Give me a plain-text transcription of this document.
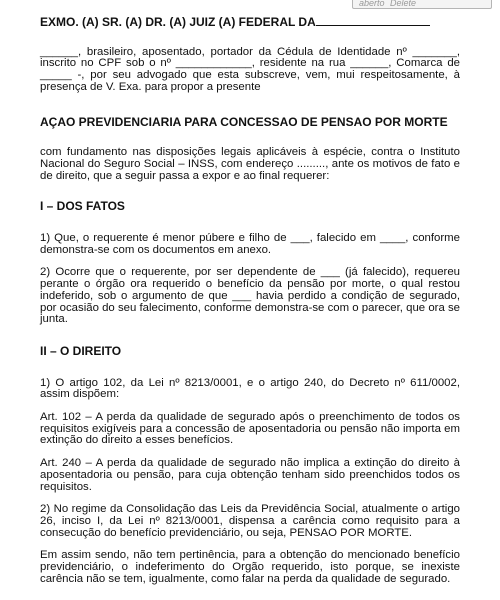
aberto Delete

EXMO. (A) SR. (A) DR. (A) JUIZ (A) FEDERAL DA

______, brasileiro, aposentado, portador da Cédula de Identidade nº _______, inscrito no CPF sob o nº ____________, residente na rua ______, Comarca de _____ -, por seu advogado que esta subscreve, vem, mui respeitosamente, à presença de V. Exa. para propor a presente

AÇAO PREVIDENCIARIA PARA CONCESSAO DE PENSAO POR MORTE

com fundamento nas disposições legais aplicáveis à espécie, contra o Instituto Nacional do Seguro Social – INSS, com endereço ........., ante os motivos de fato e de direito, que a seguir passa a expor e ao final requerer:

I – DOS FATOS

1) Que, o requerente é menor púbere e filho de ___, falecido em ____, conforme demonstra-se com os documentos em anexo.

2) Ocorre que o requerente, por ser dependente de ___ (já falecido), requereu perante o órgão ora requerido o benefício da pensão por morte, o qual restou indeferido, sob o argumento de que ___ havia perdido a condição de segurado, por ocasião do seu falecimento, conforme demonstra-se com o parecer, que ora se junta.

II – O DIREITO

1) O artigo 102, da Lei nº 8213/0001, e o artigo 240, do Decreto nº 611/0002, assim dispõem:

Art. 102 – A perda da qualidade de segurado após o preenchimento de todos os requisitos exigíveis para a concessão de aposentadoria ou pensão não importa em extinção do direito a esses benefícios.

Art. 240 – A perda da qualidade de segurado não implica a extinção do direito à aposentadoria ou pensão, para cuja obtenção tenham sido preenchidos todos os requisitos.

2) No regime da Consolidação das Leis da Previdência Social, atualmente o artigo 26, inciso I, da Lei nº 8213/0001, dispensa a carência como requisito para a consecução do benefício previdenciário, ou seja, PENSAO POR MORTE.

Em assim sendo, não tem pertinência, para a obtenção do mencionado benefício previdenciário, o indeferimento do Orgão requerido, isto porque, se inexiste carência não se tem, igualmente, como falar na perda da qualidade de segurado.
